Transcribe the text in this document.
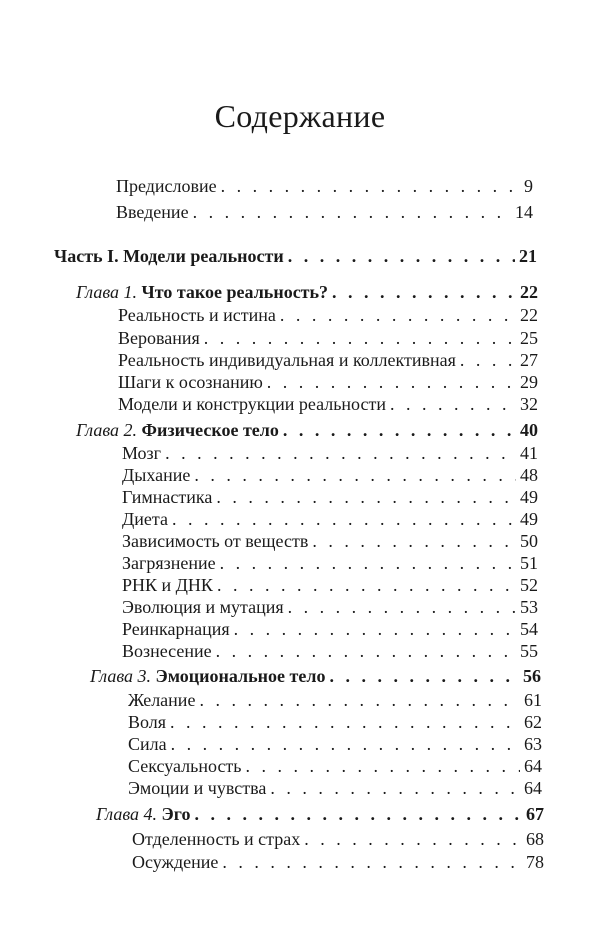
Содержание
Предисловие . . .	9
Введение . . .	14
Часть I. Модели реальности . . .	21
Глава 1. Что такое реальность? . . .	22
Реальность и истина . . .	22
Верования . . .	25
Реальность индивидуальная и коллективная . . .	27
Шаги к осознанию . . .	29
Модели и конструкции реальности . . .	32
Глава 2. Физическое тело . . .	40
Мозг . . .	41
Дыхание . . .	48
Гимнастика . . .	49
Диета . . .	49
Зависимость от веществ . . .	50
Загрязнение . . .	51
РНК и ДНК . . .	52
Эволюция и мутация . . .	53
Реинкарнация . . .	54
Вознесение . . .	55
Глава 3. Эмоциональное тело . . .	56
Желание . . .	61
Воля . . .	62
Сила . . .	63
Сексуальность . . .	64
Эмоции и чувства . . .	64
Глава 4. Эго . . .	67
Отделенность и страх . . .	68
Осуждение . . .	78
